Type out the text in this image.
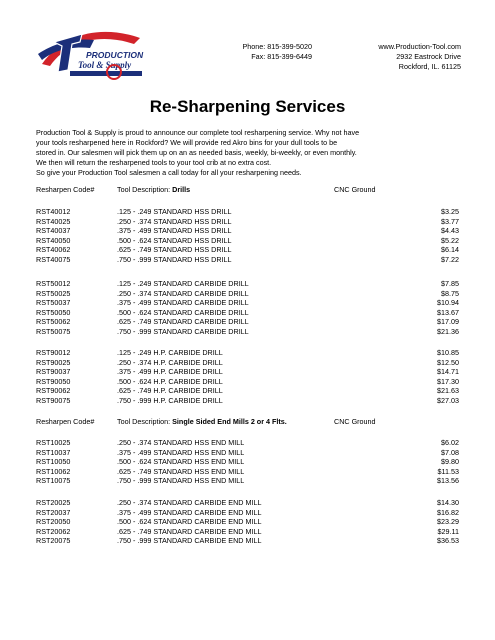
PRODUCTION
Tool & Supply
Phone: 815-399-5020
Fax: 815-399-6449
www.Production-Tool.com
2932 Eastrock Drive
Rockford, IL. 61125
Re-Sharpening Services
Production Tool & Supply is proud to announce our complete tool resharpening service. Why not have
your tools resharpened here in Rockford? We will provide red Akro bins for your dull tools to be
stored in. Our salesmen will pick them up on an as needed basis, weekly, bi-weekly, or even monthly.
We then will return the resharpened tools to your tool crib at no extra cost.
So give your Production Tool salesmen a call today for all your resharpening needs.
Resharpen Code#	Tool Description: Drills	CNC Ground
RST40012	.125 - .249 STANDARD HSS DRILL	$3.25
RST40025	.250 - .374 STANDARD HSS DRILL	$3.77
RST40037	.375 - .499 STANDARD HSS DRILL	$4.43
RST40050	.500 - .624 STANDARD HSS DRILL	$5.22
RST40062	.625 - .749 STANDARD HSS DRILL	$6.14
RST40075	.750 - .999 STANDARD HSS DRILL	$7.22
RST50012	.125 - .249 STANDARD CARBIDE DRILL	$7.85
RST50025	.250 - .374 STANDARD CARBIDE DRILL	$8.75
RST50037	.375 - .499 STANDARD CARBIDE DRILL	$10.94
RST50050	.500 - .624 STANDARD CARBIDE DRILL	$13.67
RST50062	.625 - .749 STANDARD CARBIDE DRILL	$17.09
RST50075	.750 - .999 STANDARD CARBIDE DRILL	$21.36
RST90012	.125 - .249 H.P. CARBIDE DRILL	$10.85
RST90025	.250 - .374 H.P. CARBIDE DRILL	$12.50
RST90037	.375 - .499 H.P. CARBIDE DRILL	$14.71
RST90050	.500 - .624 H.P. CARBIDE DRILL	$17.30
RST90062	.625 - .749 H.P. CARBIDE DRILL	$21.63
RST90075	.750 - .999 H.P. CARBIDE DRILL	$27.03
Resharpen Code#	Tool Description: Single Sided End Mills 2 or 4 Flts.	CNC Ground
RST10025	.250 - .374 STANDARD HSS END MILL	$6.02
RST10037	.375 - .499 STANDARD HSS END MILL	$7.08
RST10050	.500 - .624 STANDARD HSS END MILL	$9.80
RST10062	.625 - .749 STANDARD HSS END MILL	$11.53
RST10075	.750 - .999 STANDARD HSS END MILL	$13.56
RST20025	.250 - .374 STANDARD CARBIDE END MILL	$14.30
RST20037	.375 - .499 STANDARD CARBIDE END MILL	$16.82
RST20050	.500 - .624 STANDARD CARBIDE END MILL	$23.29
RST20062	.625 - .749 STANDARD CARBIDE END MILL	$29.11
RST20075	.750 - .999 STANDARD CARBIDE END MILL	$36.53
